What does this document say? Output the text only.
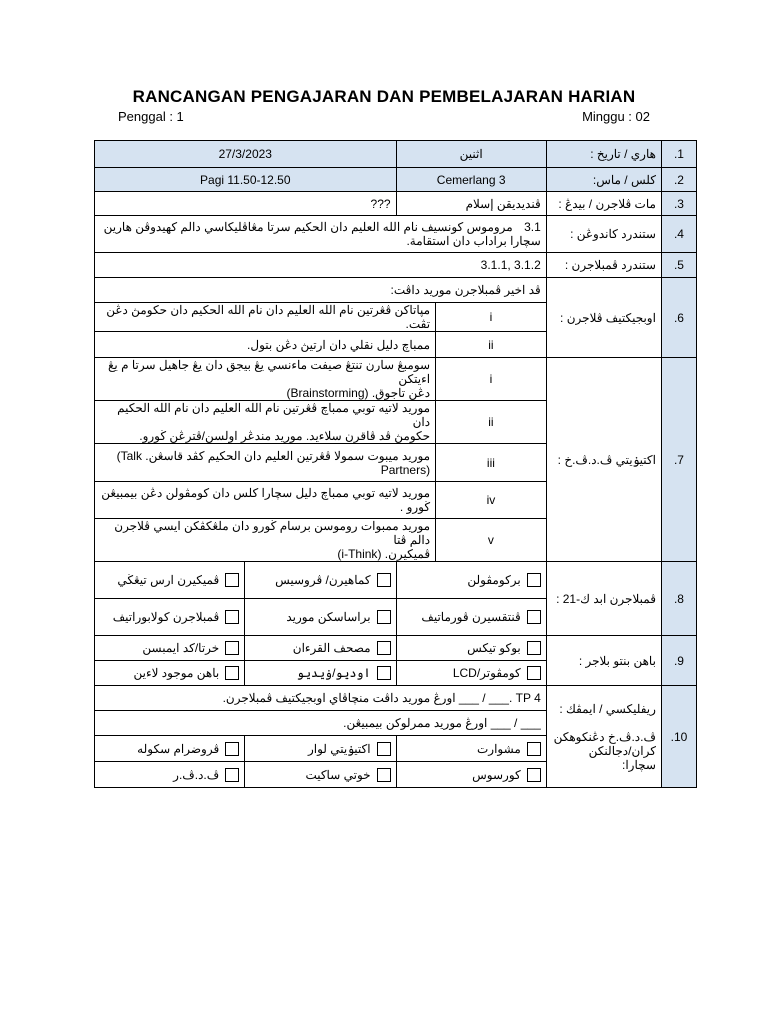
RANCANGAN PENGAJARAN DAN PEMBELAJARAN HARIAN
Penggal : 1	Minggu : 02
27/3/2023		اثنين		هاري / تاريخ :	.1
Pagi 11.50-12.50		Cemerlang 3		كلس / ماس:	.2
???		ڤنديديقن إسلام		مات ڤلاجرن / بيدڠ :	.3
3.1 مروموس كونسيف نام الله العليم دان الحكيم سرتا مڠاڤليكاسي دالم كهيدوڤن هارين سچارا براداب دان استقامة.				ستندرد كاندوڠن :	.4
3.1.2 ,3.1.1				ستندرد ڤمبلاجرن :	.5
ڤد اخير ڤمبلاجرن موريد داڤت:				اوبجيكتيف ڤلاجرن :	.6
مڽاتاكن ڤڠرتين نام الله العليم دان نام الله الحكيم دان حكومڽ دڠن تڤت.			i		
ممباچ دليل نقلي دان ارتيڽ دڠن بتول.			ii		

سومبڠ سارن تنتڠ صيفت ماءنسي يڠ بيجق دان يڠ جاهيل سرتا م يڠ اءيتكن
دڠن تاجوق. (Brainstorming)			i	اكتيۏيتي ڤ.د.ڤ.خ :	.7

موريد لاتيه توبي ممباچ ڤڠرتين نام الله العليم دان نام الله الحكيم دان
حكومڽ ڤد ڤاقرن سلاءيد. موريد مندڠر اولسن/ڤترڠن ڬورو.			ii		

موريد ميبوت سمولا ڤڠرتين العليم دان الحكيم كڤد قاسڠن. Talk)
(Partners			iii		

موريد لاتيه توبي ممباچ دليل سچارا كلس دان كومڤولن دڠن بيمبيڠن
ڬورو .			iv		

موريد ممبوات روموسن برسام ڬورو دان ملڠكڤكن ايسي ڤلاجرن دالم ڤتا
ڤميكيرن. (i-Think)			v		

ڤميكيرن ارس تيڠڬي	كماهيرن/ ڤروسيس	بركومڤولن		ڤمبلاجرن ابد ك-21 :	.8

ڤمبلاجرن كولابوراتيف	براساسكن موريد	ڤنتقسيرن ڤورماتيف			

خرتا/كد ايمبسن	مصحف القرءان	بوكو تيكس		باهن بنتو بلاجر :	.9

باهن موجود لاءين	اوديو/ۏيديو	كومڤوتر/LCD			

TP 4 .___ / ___ اورڠ موريد داڤت منچاڤاي اوبجيكتيف ڤمبلاجرن.				ريفليكسي / ايمڤك :
ڤ.د.ڤ.خ دڠنكوهكن كران/دجالنكن سچارا:	.10
___ / ___ اورڠ موريد ممرلوكن بيمبيڠن.					

ڤروضرام سكوله	اكتيۏيتي لوار	مشوارت			

ڤ.د.ڤ.ر	خوتي ساكيت	كورسوس			
